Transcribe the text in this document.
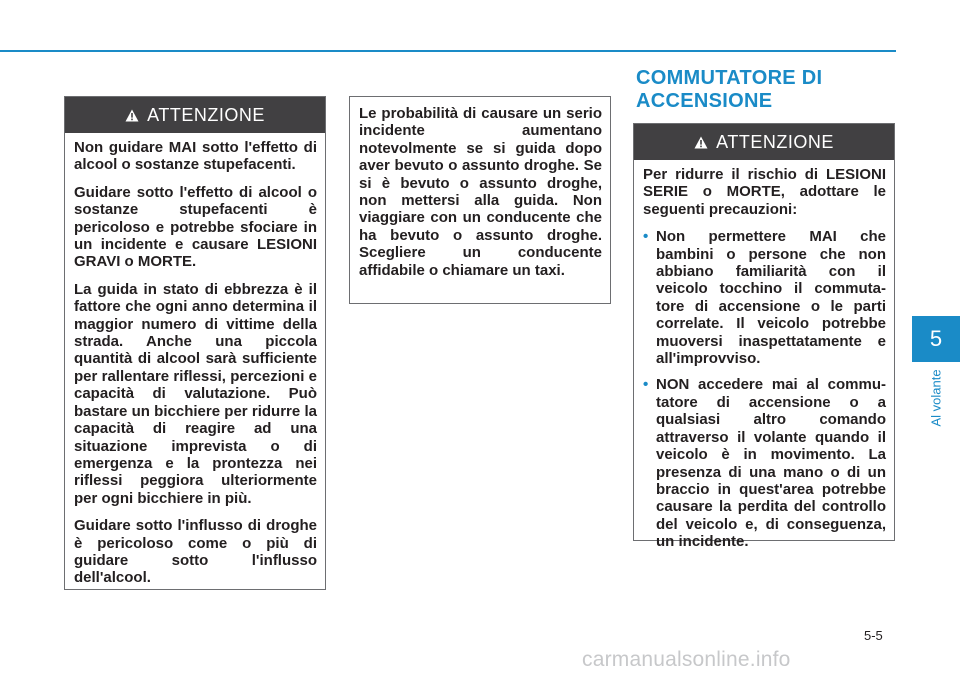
ATTENZIONE

Non guidare MAI sotto l'effetto di alcool o sostanze stupefacenti.

Guidare sotto l'effetto di alcool o sostanze stupefacenti è pericoloso e potrebbe sfociare in un incidente e causare LESIONI GRAVI o MORTE.

La guida in stato di ebbrezza è il fattore che ogni anno determina il maggior numero di vittime della strada. Anche una piccola quantità di alcool sarà sufficiente per rallentare riflessi, percezioni e capacità di valutazione. Può bastare un bicchiere per ridurre la capacità di reagire ad una situazione imprevista o di emergenza e la prontezza nei riflessi peggiora ulteriormente per ogni bicchiere in più.

Guidare sotto l'influsso di droghe è pericoloso come o più di guidare sotto l'influsso dell'alcool.

Le probabilità di causare un serio incidente aumentano notevolmente se si guida dopo aver bevuto o assunto droghe. Se si è bevuto o assunto droghe, non mettersi alla guida. Non viaggiare con un conducente che ha bevuto o assunto droghe. Scegliere un conducente affidabile o chiamare un taxi.

COMMUTATORE DI
ACCENSIONE
ATTENZIONE

Per ridurre il rischio di LESIONI SERIE o MORTE, adottare le seguenti precauzioni:

• Non permettere MAI che bambini o persone che non abbiano familiarità con il veicolo tocchino il commuta-tore di accensione o le parti correlate. Il veicolo potrebbe muoversi inaspettatamente e all'improvviso.
• NON accedere mai al commu-tatore di accensione o a qualsiasi altro comando attraverso il volante quando il veicolo è in movimento. La presenza di una mano o di un braccio in quest'area potrebbe causare la perdita del controllo del veicolo e, di conseguenza, un incidente.
5
Al volante
5-5
carmanualsonline.info
